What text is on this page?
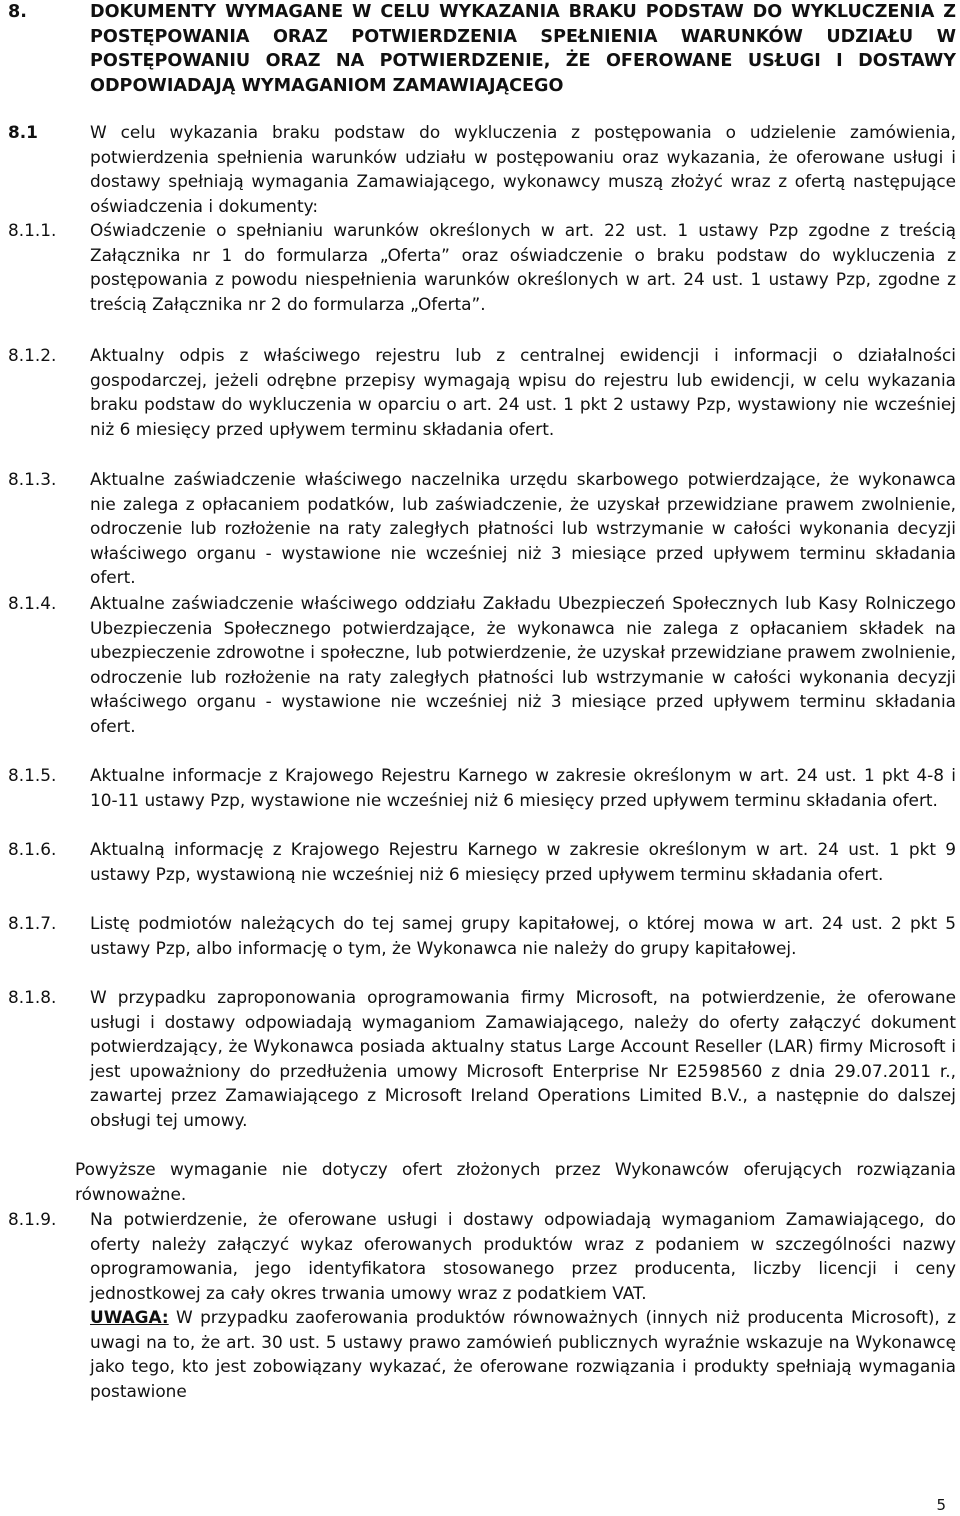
8.	DOKUMENTY WYMAGANE W CELU WYKAZANIA BRAKU PODSTAW DO WYKLUCZENIA Z POSTĘPOWANIA ORAZ POTWIERDZENIA SPEŁNIENIA WARUNKÓW UDZIAŁU W POSTĘPOWANIU ORAZ NA POTWIERDZENIE, ŻE OFEROWANE USŁUGI I DOSTAWY ODPOWIADAJĄ WYMAGANIOM ZAMAWIAJĄCEGO
8.1	W celu wykazania braku podstaw do wykluczenia z postępowania o udzielenie zamówienia, potwierdzenia spełnienia warunków udziału w postępowaniu oraz wykazania, że oferowane usługi i dostawy spełniają wymagania Zamawiającego, wykonawcy muszą złożyć wraz z ofertą następujące oświadczenia i dokumenty:
8.1.1.	Oświadczenie o spełnianiu warunków określonych w art. 22 ust. 1 ustawy Pzp zgodne z treścią Załącznika nr 1 do formularza „Oferta” oraz oświadczenie o braku podstaw do wykluczenia z postępowania z powodu niespełnienia warunków określonych w art. 24 ust. 1 ustawy Pzp, zgodne z treścią Załącznika nr 2 do formularza „Oferta”.
8.1.2.	Aktualny odpis z właściwego rejestru lub z centralnej ewidencji i informacji o działalności gospodarczej, jeżeli odrębne przepisy wymagają wpisu do rejestru lub ewidencji, w celu wykazania braku podstaw do wykluczenia w oparciu o art. 24 ust. 1 pkt 2 ustawy Pzp, wystawiony nie wcześniej niż 6 miesięcy przed upływem terminu składania ofert.
8.1.3.	Aktualne zaświadczenie właściwego naczelnika urzędu skarbowego potwierdzające, że wykonawca nie zalega z opłacaniem podatków, lub zaświadczenie, że uzyskał przewidziane prawem zwolnienie, odroczenie lub rozłożenie na raty zaległych płatności lub wstrzymanie w całości wykonania decyzji właściwego organu - wystawione nie wcześniej niż 3 miesiące przed upływem terminu składania ofert.
8.1.4.	Aktualne zaświadczenie właściwego oddziału Zakładu Ubezpieczeń Społecznych lub Kasy Rolniczego Ubezpieczenia Społecznego potwierdzające, że wykonawca nie zalega z opłacaniem składek na ubezpieczenie zdrowotne i społeczne, lub potwierdzenie, że uzyskał przewidziane prawem zwolnienie, odroczenie lub rozłożenie na raty zaległych płatności lub wstrzymanie w całości wykonania decyzji właściwego organu - wystawione nie wcześniej niż 3 miesiące przed upływem terminu składania ofert.
8.1.5.	Aktualne informacje z Krajowego Rejestru Karnego w zakresie określonym w art. 24 ust. 1 pkt 4-8 i 10-11 ustawy Pzp, wystawione nie wcześniej niż 6 miesięcy przed upływem terminu składania ofert.
8.1.6.	Aktualną informację z Krajowego Rejestru Karnego w zakresie określonym w art. 24 ust. 1 pkt 9 ustawy Pzp, wystawioną nie wcześniej niż 6 miesięcy przed upływem terminu składania ofert.
8.1.7.	Listę podmiotów należących do tej samej grupy kapitałowej, o której mowa w art. 24 ust. 2 pkt 5 ustawy Pzp, albo informację o tym, że Wykonawca nie należy do grupy kapitałowej.
8.1.8.	W przypadku zaproponowania oprogramowania firmy Microsoft, na potwierdzenie, że oferowane usługi i dostawy odpowiadają wymaganiom Zamawiającego, należy do oferty załączyć dokument potwierdzający, że Wykonawca posiada aktualny status Large Account Reseller (LAR) firmy Microsoft i jest upoważniony do przedłużenia umowy Microsoft Enterprise Nr E2598560 z dnia 29.07.2011 r., zawartej przez Zamawiającego z Microsoft Ireland Operations Limited B.V., a następnie do dalszej obsługi tej umowy.
Powyższe wymaganie nie dotyczy ofert złożonych przez Wykonawców oferujących rozwiązania równoważne.
8.1.9.	Na potwierdzenie, że oferowane usługi i dostawy odpowiadają wymaganiom Zamawiającego, do oferty należy załączyć wykaz oferowanych produktów wraz z podaniem w szczególności nazwy oprogramowania, jego identyfikatora stosowanego przez producenta, liczby licencji i ceny jednostkowej za cały okres trwania umowy wraz z podatkiem VAT.
UWAGA: W przypadku zaoferowania produktów równoważnych (innych niż producenta Microsoft), z uwagi na to, że art. 30 ust. 5 ustawy prawo zamówień publicznych wyraźnie wskazuje na Wykonawcę jako tego, kto jest zobowiązany wykazać, że oferowane rozwiązania i produkty spełniają wymagania postawione
5
